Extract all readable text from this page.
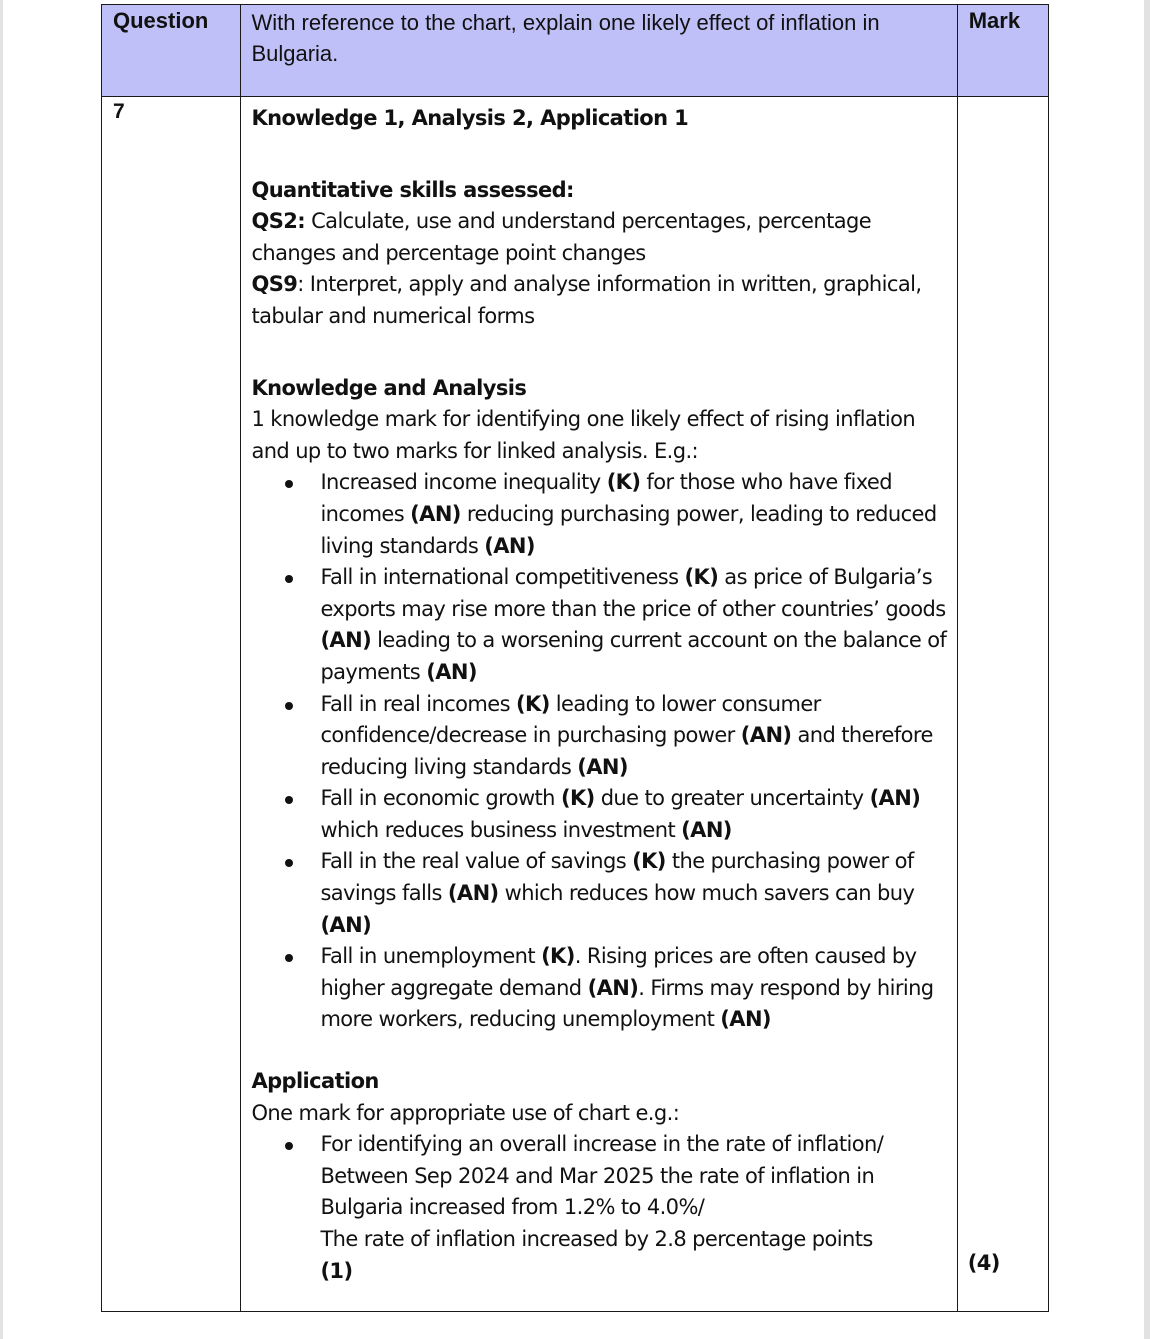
Question	With reference to the chart, explain one likely effect of inflation in Bulgaria.	Mark

7	Knowledge 1, Analysis 2, Application 1
Quantitative skills assessed:
QS2: Calculate, use and understand percentages, percentage changes and percentage point changes
QS9: Interpret, apply and analyse information in written, graphical, tabular and numerical forms
Knowledge and Analysis
1 knowledge mark for identifying one likely effect of rising inflation and up to two marks for linked analysis. E.g.:
Increased income inequality (K) for those who have fixed incomes (AN) reducing purchasing power, leading to reduced living standards (AN)
Fall in international competitiveness (K) as price of Bulgaria’s exports may rise more than the price of other countries’ goods (AN) leading to a worsening current account on the balance of payments (AN)
Fall in real incomes (K) leading to lower consumer confidence/decrease in purchasing power (AN) and therefore reducing living standards (AN)
Fall in economic growth (K) due to greater uncertainty (AN) which reduces business investment (AN)
Fall in the real value of savings (K) the purchasing power of savings falls (AN) which reduces how much savers can buy (AN)
Fall in unemployment (K). Rising prices are often caused by higher aggregate demand (AN). Firms may respond by hiring more workers, reducing unemployment (AN)
Application
One mark for appropriate use of chart e.g.:
For identifying an overall increase in the rate of inflation/
Between Sep 2024 and Mar 2025 the rate of inflation in Bulgaria increased from 1.2% to 4.0%/
The rate of inflation increased by 2.8 percentage points
(1)	(4)
